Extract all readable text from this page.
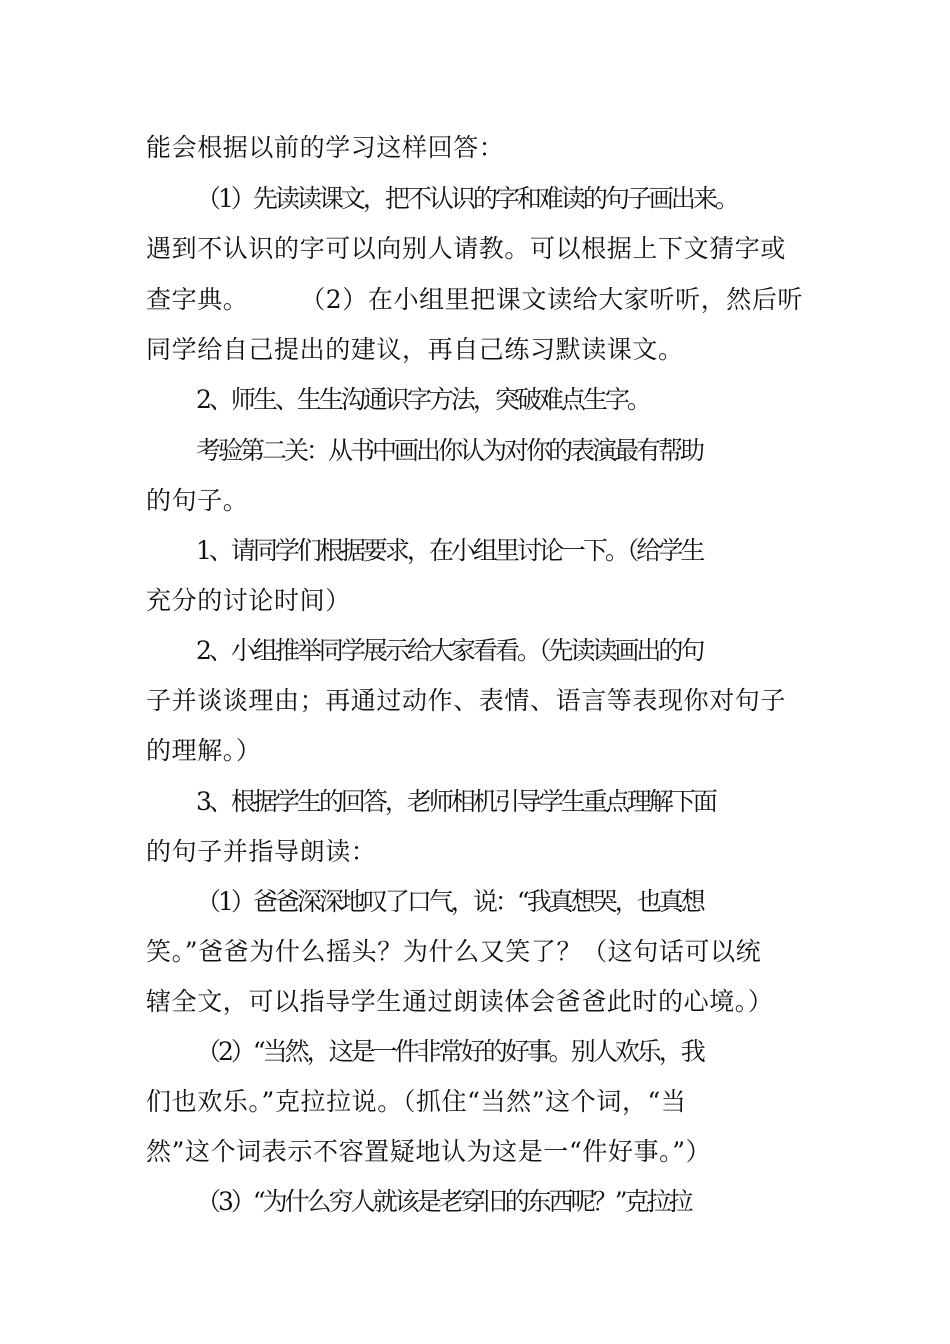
能会根据以前的学习这样回答：
（1）先读读课文，把不认识的字和难读的句子画出来。
遇到不认识的字可以向别人请教。可以根据上下文猜字或
查字典。　　　（2）在小组里把课文读给大家听听，然后听
同学给自己提出的建议，再自己练习默读课文。
2、师生、生生沟通识字方法，突破难点生字。
考验第二关：从书中画出你认为对你的表演最有帮助
的句子。
1、请同学们根据要求，在小组里讨论一下。（给学生
充分的讨论时间）
2、小组推举同学展示给大家看看。（先读读画出的句
子并谈谈理由；再通过动作、表情、语言等表现你对句子
的理解。）
3、根据学生的回答，老师相机引导学生重点理解下面
的句子并指导朗读：
（1）爸爸深深地叹了口气，说：“我真想哭，也真想
笑。”爸爸为什么摇头？为什么又笑了？（这句话可以统
辖全文，可以指导学生通过朗读体会爸爸此时的心境。）
（2）“当然，这是一件非常好的好事。别人欢乐，我
们也欢乐。”克拉拉说。（抓住“当然”这个词，“当
然”这个词表示不容置疑地认为这是一“件好事。”）
（3）“为什么穷人就该是老穿旧的东西呢？”克拉拉
